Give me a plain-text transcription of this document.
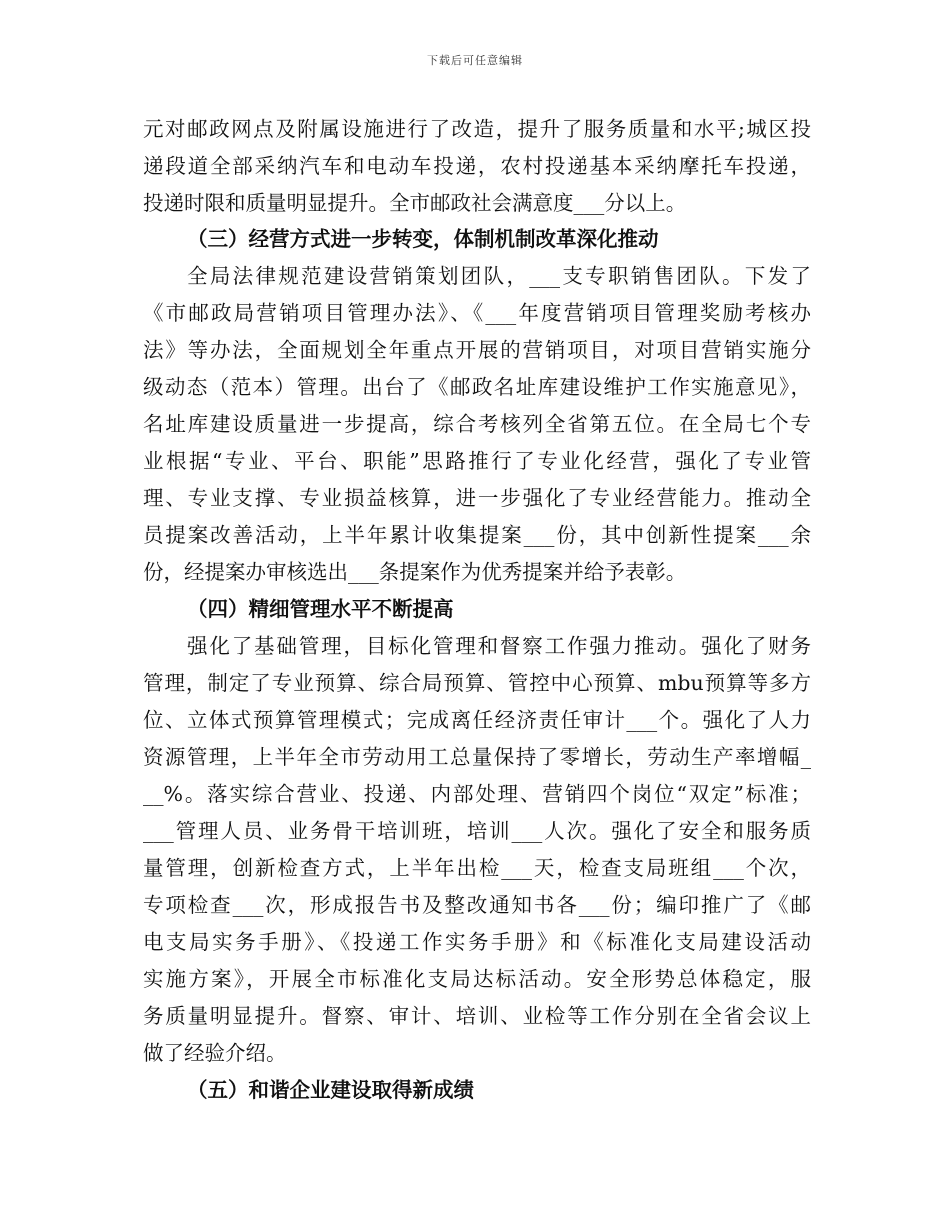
下载后可任意编辑
元对邮政网点及附属设施进行了改造，提升了服务质量和水平;城区投
递段道全部采纳汽车和电动车投递，农村投递基本采纳摩托车投递，
投递时限和质量明显提升。全市邮政社会满意度___分以上。
（三）经营方式进一步转变，体制机制改革深化推动
全局法律规范建设营销策划团队，___支专职销售团队。下发了
《市邮政局营销项目管理办法》、《___年度营销项目管理奖励考核办
法》等办法，全面规划全年重点开展的营销项目，对项目营销实施分
级动态（范本）管理。出台了《邮政名址库建设维护工作实施意见》，
名址库建设质量进一步提高，综合考核列全省第五位。在全局七个专
业根据“专业、平台、职能”思路推行了专业化经营，强化了专业管
理、专业支撑、专业损益核算，进一步强化了专业经营能力。推动全
员提案改善活动，上半年累计收集提案___份，其中创新性提案___余
份，经提案办审核选出___条提案作为优秀提案并给予表彰。
（四）精细管理水平不断提高
强化了基础管理，目标化管理和督察工作强力推动。强化了财务
管理，制定了专业预算、综合局预算、管控中心预算、mbu预算等多方
位、立体式预算管理模式；完成离任经济责任审计___个。强化了人力
资源管理，上半年全市劳动用工总量保持了零增长，劳动生产率增幅_
__%。落实综合营业、投递、内部处理、营销四个岗位“双定”标准；
___管理人员、业务骨干培训班，培训___人次。强化了安全和服务质
量管理，创新检查方式，上半年出检___天，检查支局班组___个次，
专项检查___次，形成报告书及整改通知书各___份；编印推广了《邮
电支局实务手册》、《投递工作实务手册》和《标准化支局建设活动
实施方案》，开展全市标准化支局达标活动。安全形势总体稳定，服
务质量明显提升。督察、审计、培训、业检等工作分别在全省会议上
做了经验介绍。
（五）和谐企业建设取得新成绩
